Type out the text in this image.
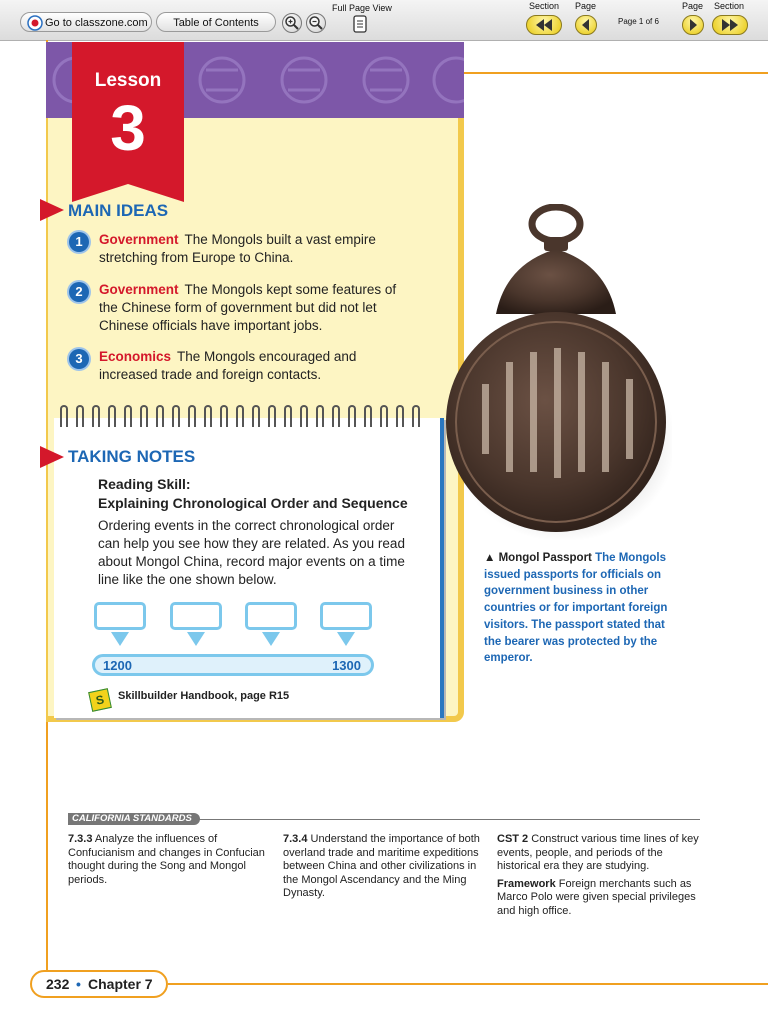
Go to classzone.com	Table of Contents
Full Page View	Section Page
Page 1 of 6
Page Section
Lesson
3
MAIN IDEAS
1	Government The Mongols built a vast empire stretching from Europe to China.
2	Government The Mongols kept some features of the Chinese form of government but did not let Chinese officials have important jobs.
3	Economics The Mongols encouraged and increased trade and foreign contacts.
TAKING NOTES
Reading Skill:
Explaining Chronological Order and Sequence
Ordering events in the correct chronological order can help you see how they are related. As you read about Mongol China, record major events on a time line like the one shown below.
1200	1300
S	Skillbuilder Handbook, page R15
▲ Mongol Passport The Mongols issued passports for officials on government business in other countries or for important foreign visitors. The passport stated that the bearer was protected by the emperor.
CALIFORNIA STANDARDS
7.3.3 Analyze the influences of Confucianism and changes in Confucian thought during the Song and Mongol periods.
7.3.4 Understand the importance of both overland trade and maritime expeditions between China and other civilizations in the Mongol Ascendancy and the Ming Dynasty.
CST 2 Construct various time lines of key events, people, and periods of the historical era they are studying.
Framework Foreign merchants such as Marco Polo were given special privileges and high office.
232 • Chapter 7
